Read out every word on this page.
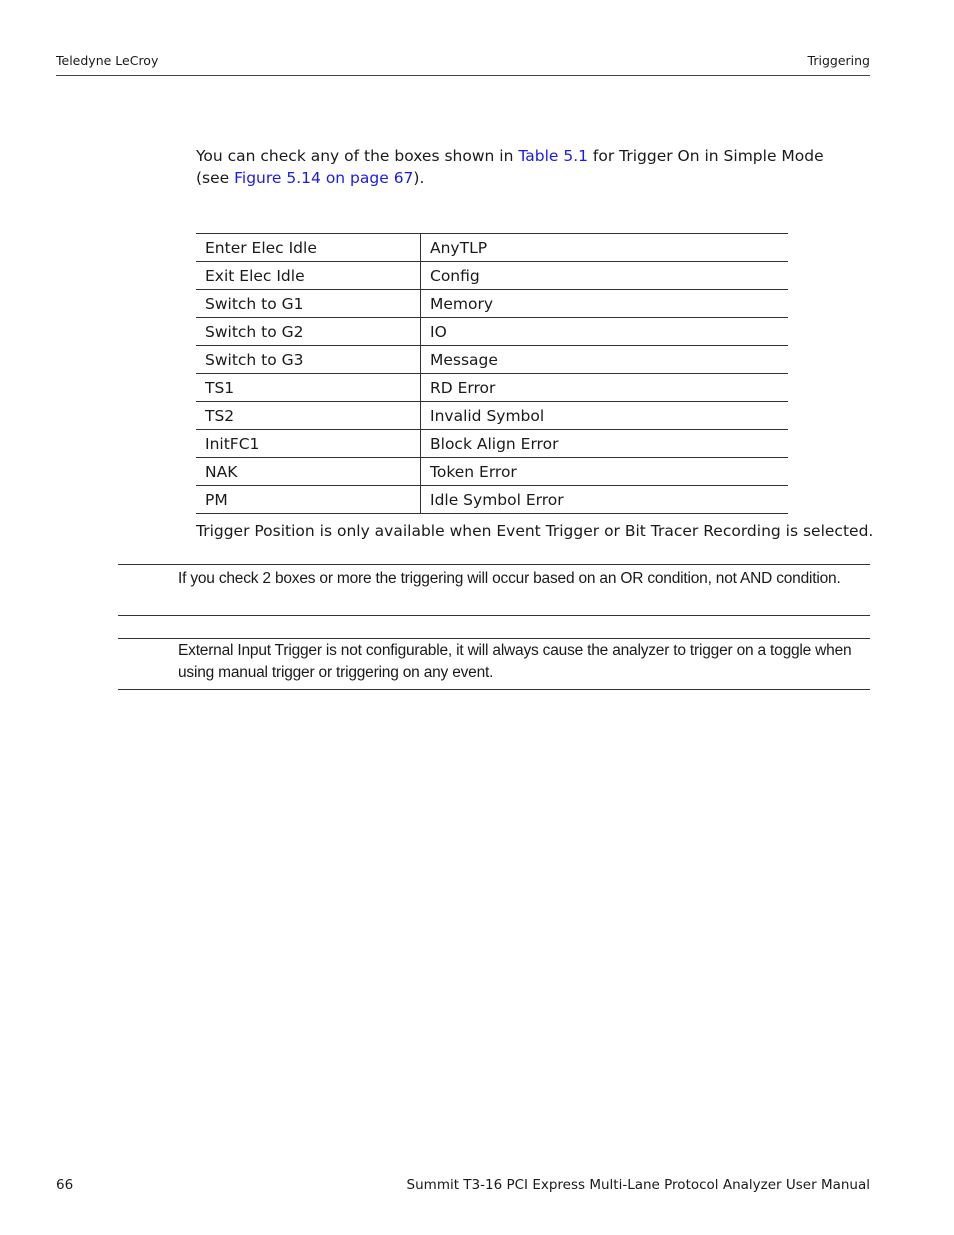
Teledyne LeCroy	Triggering

You can check any of the boxes shown in Table 5.1 for Trigger On in Simple Mode (see Figure 5.14 on page 67).

Enter Elec Idle	AnyTLP
Exit Elec Idle	Config
Switch to G1	Memory
Switch to G2	IO
Switch to G3	Message
TS1	RD Error
TS2	Invalid Symbol
InitFC1	Block Align Error
NAK	Token Error
PM	Idle Symbol Error
Trigger Position is only available when Event Trigger or Bit Tracer Recording is selected.
If you check 2 boxes or more the triggering will occur based on an OR condition, not AND condition.
External Input Trigger is not configurable, it will always cause the analyzer to trigger on a toggle when using manual trigger or triggering on any event.
66	Summit T3-16 PCI Express Multi-Lane Protocol Analyzer User Manual
